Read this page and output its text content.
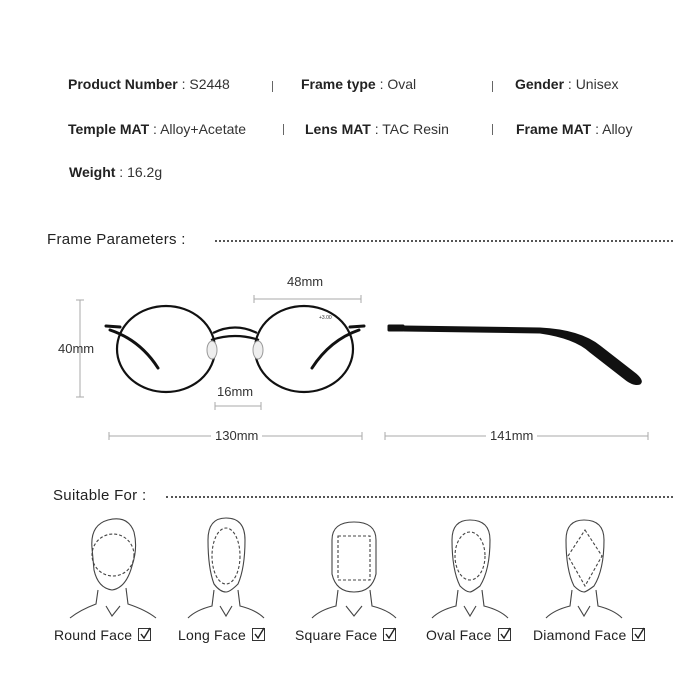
Product Number : S2448	Frame type : Oval	Gender : Unisex
Temple MAT : Alloy+Acetate	Lens MAT : TAC Resin	Frame MAT : Alloy
Weight : 16.2g
Frame Parameters :
+3.00
48mm
40mm
16mm
130mm	141mm
Suitable For :
Round Face	Long Face	Square Face	Oval Face	Diamond Face
